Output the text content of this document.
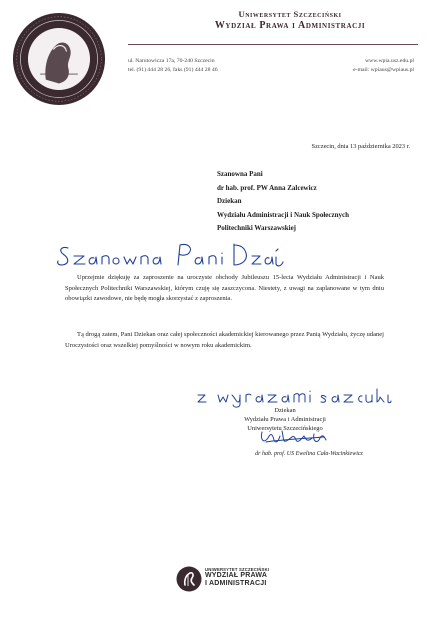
Uniwersytet Szczeciński
Wydział Prawa i Administracji
ul. Narutowicza 17a, 70-240 Szczecin
tel. (91) 444 28 26, faks (91) 444 28 46
www.wpia.usz.edu.pl
e-mail: wpiaus@wpiaus.pl
Szczecin, dnia 13 października 2023 r.
Szanowna Pani
dr hab. prof. PW Anna Zalcewicz
Dziekan
Wydziału Administracji i Nauk Społecznych
Politechniki Warszawskiej
Uprzejmie dziękuję za zaproszenie na uroczyste obchody Jubileuszu 15-lecia Wydziału Administracji i Nauk Społecznych Politechniki Warszawskiej, którym czuję się zaszczycona. Niestety, z uwagi na zaplanowane w tym dniu obowiązki zawodowe, nie będę mogła skorzystać z zaproszenia.
Tą drogą zatem, Pani Dziekan oraz całej społeczności akademickiej kierowanego przez Panią Wydziału, życzę udanej Uroczystości oraz wszelkiej pomyślności w nowym roku akademickim.
Dziekan
Wydziału Prawa i Administracji
Uniwersytetu Szczecińskiego
dr hab. prof. US Ewelina Cała-Wacinkiewicz
UNIWERSYTET SZCZECIŃSKI
WYDZIAŁ PRAWA
I ADMINISTRACJI
